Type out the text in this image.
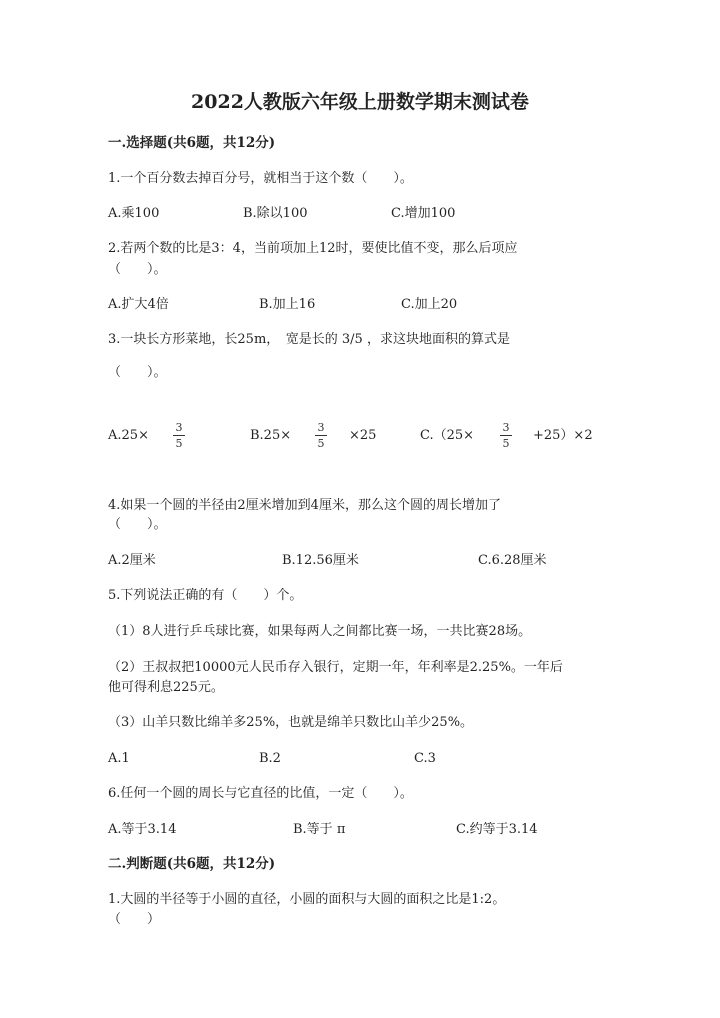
2022人教版六年级上册数学期末测试卷
一.选择题(共6题，共12分)
1.一个百分数去掉百分号，就相当于这个数（　　）。
A.乘100	B.除以100	C.增加100
2.若两个数的比是3：4，当前项加上12时，要使比值不变，那么后项应
（　　）。
A.扩大4倍	B.加上16	C.加上20
3.一块长方形菜地，长25m，　宽是长的 3/5 ，求这块地面积的算式是
（　　）。
A.25×
3
5
B.25×
3
5
×25	C.（25×
3
5
+25）×2
4.如果一个圆的半径由2厘米增加到4厘米，那么这个圆的周长增加了
（　　）。
A.2厘米	B.12.56厘米	C.6.28厘米
5.下列说法正确的有（　　）个。
（1）8人进行乒乓球比赛，如果每两人之间都比赛一场，一共比赛28场。
（2）王叔叔把10000元人民币存入银行，定期一年，年利率是2.25%。一年后
他可得利息225元。
（3）山羊只数比绵羊多25%，也就是绵羊只数比山羊少25%。
A.1	B.2	C.3
6.任何一个圆的周长与它直径的比值，一定（　　）。
A.等于3.14	B.等于 π	C.约等于3.14
二.判断题(共6题，共12分)
1.大圆的半径等于小圆的直径，小圆的面积与大圆的面积之比是1:2。
（　　）
